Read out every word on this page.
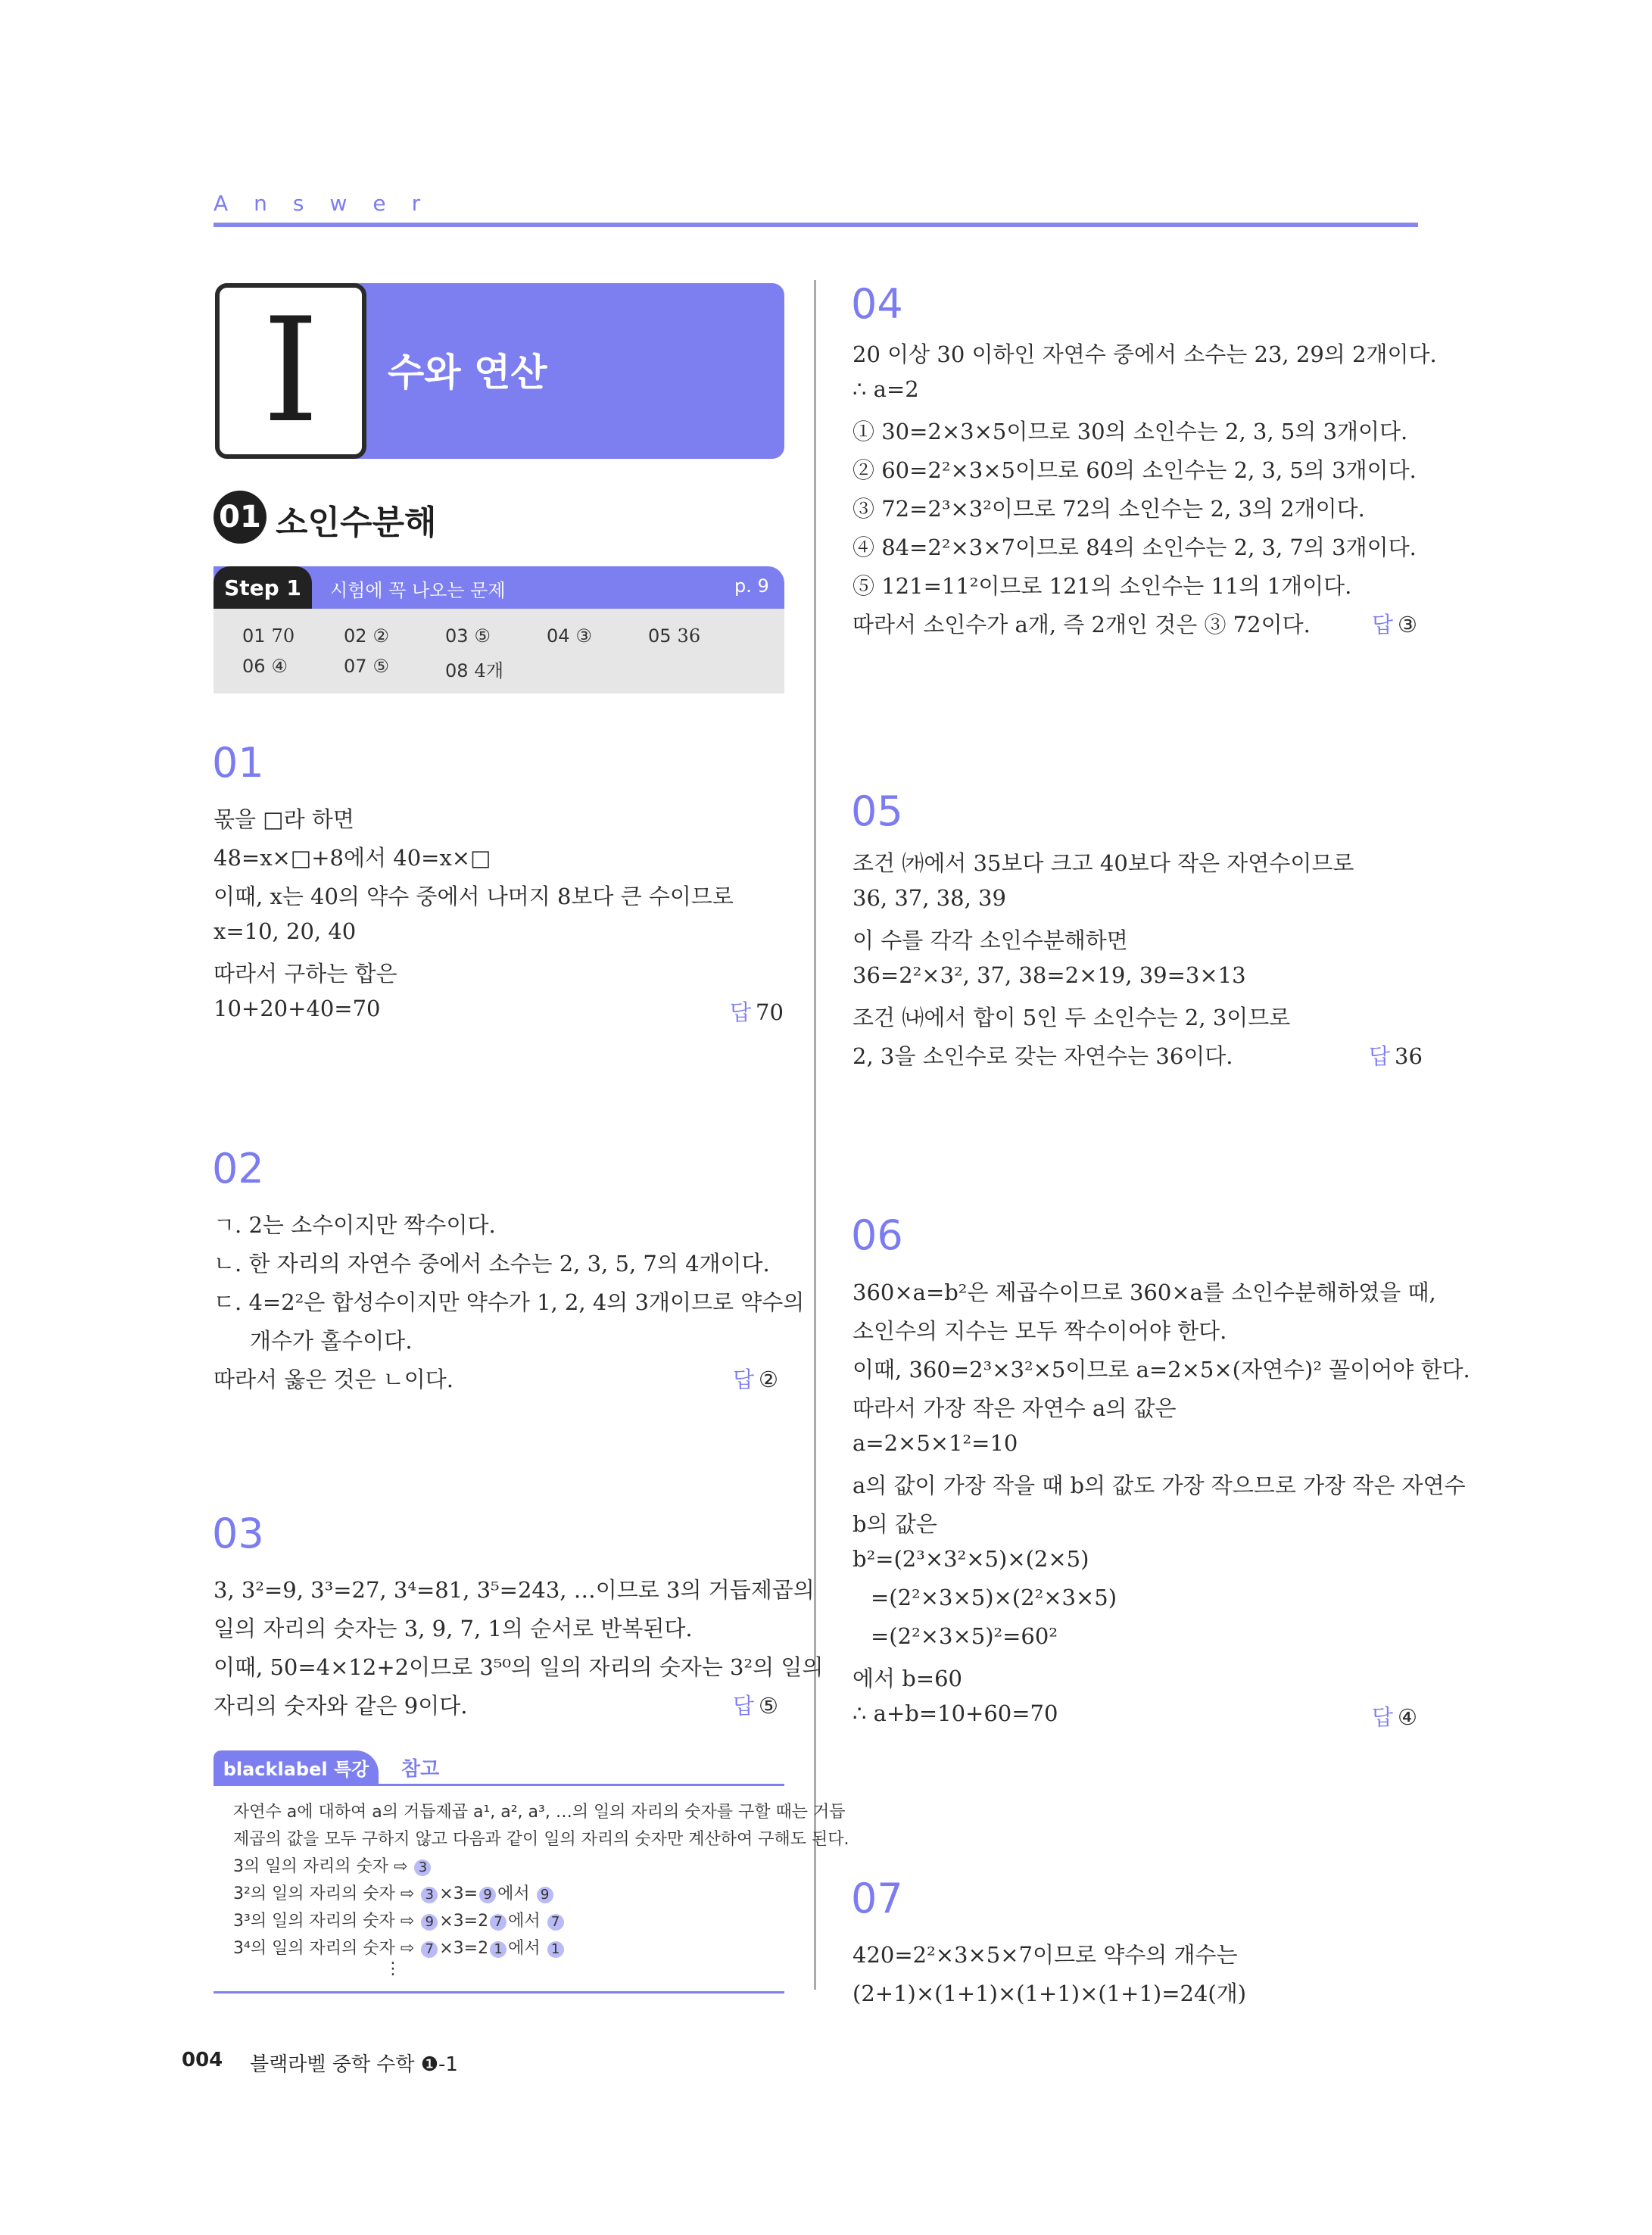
Answer
I	수와 연산
01 소인수분해
Step 1	시험에 꼭 나오는 문제	p. 9
01 70	02 ②	03 ⑤	04 ③	05 36
06 ④	07 ⑤	08 4개
01
몫을 □라 하면
48=x×□+8에서 40=x×□
이때, x는 40의 약수 중에서 나머지 8보다 큰 수이므로
x=10, 20, 40
따라서 구하는 합은
10+20+40=70	답 70
02
ㄱ. 2는 소수이지만 짝수이다.
ㄴ. 한 자리의 자연수 중에서 소수는 2, 3, 5, 7의 4개이다.
ㄷ. 4=2²은 합성수이지만 약수가 1, 2, 4의 3개이므로 약수의
개수가 홀수이다.
따라서 옳은 것은 ㄴ이다.	답 ②
03
3, 3²=9, 3³=27, 3⁴=81, 3⁵=243, …이므로 3의 거듭제곱의
일의 자리의 숫자는 3, 9, 7, 1의 순서로 반복된다.
이때, 50=4×12+2이므로 3⁵⁰의 일의 자리의 숫자는 3²의 일의
자리의 숫자와 같은 9이다.	답 ⑤
blacklabel 특강	참고
자연수 a에 대하여 a의 거듭제곱 a¹, a², a³, …의 일의 자리의 숫자를 구할 때는 거듭
제곱의 값을 모두 구하지 않고 다음과 같이 일의 자리의 숫자만 계산하여 구해도 된다.
3의 일의 자리의 숫자 ⇨ 3
3²의 일의 자리의 숫자 ⇨ 3 ×3= 9 에서 9
3³의 일의 자리의 숫자 ⇨ 9 ×3=2 7 에서 7
3⁴의 일의 자리의 숫자 ⇨ 7 ×3=2 1 에서 1
⋮
04
20 이상 30 이하인 자연수 중에서 소수는 23, 29의 2개이다.
∴ a=2
① 30=2×3×5이므로 30의 소인수는 2, 3, 5의 3개이다.
② 60=2²×3×5이므로 60의 소인수는 2, 3, 5의 3개이다.
③ 72=2³×3²이므로 72의 소인수는 2, 3의 2개이다.
④ 84=2²×3×7이므로 84의 소인수는 2, 3, 7의 3개이다.
⑤ 121=11²이므로 121의 소인수는 11의 1개이다.
따라서 소인수가 a개, 즉 2개인 것은 ③ 72이다.	답 ③
05
조건 ㈎에서 35보다 크고 40보다 작은 자연수이므로
36, 37, 38, 39
이 수를 각각 소인수분해하면
36=2²×3², 37, 38=2×19, 39=3×13
조건 ㈏에서 합이 5인 두 소인수는 2, 3이므로
2, 3을 소인수로 갖는 자연수는 36이다.	답 36
06
360×a=b²은 제곱수이므로 360×a를 소인수분해하였을 때,
소인수의 지수는 모두 짝수이어야 한다.
이때, 360=2³×3²×5이므로 a=2×5×(자연수)² 꼴이어야 한다.
따라서 가장 작은 자연수 a의 값은
a=2×5×1²=10
a의 값이 가장 작을 때 b의 값도 가장 작으므로 가장 작은 자연수
b의 값은
b²=(2³×3²×5)×(2×5)
=(2²×3×5)×(2²×3×5)
=(2²×3×5)²=60²
에서 b=60
∴ a+b=10+60=70	답 ④
07
420=2²×3×5×7이므로 약수의 개수는
(2+1)×(1+1)×(1+1)×(1+1)=24(개)
004 블랙라벨 중학 수학 ❶-1
